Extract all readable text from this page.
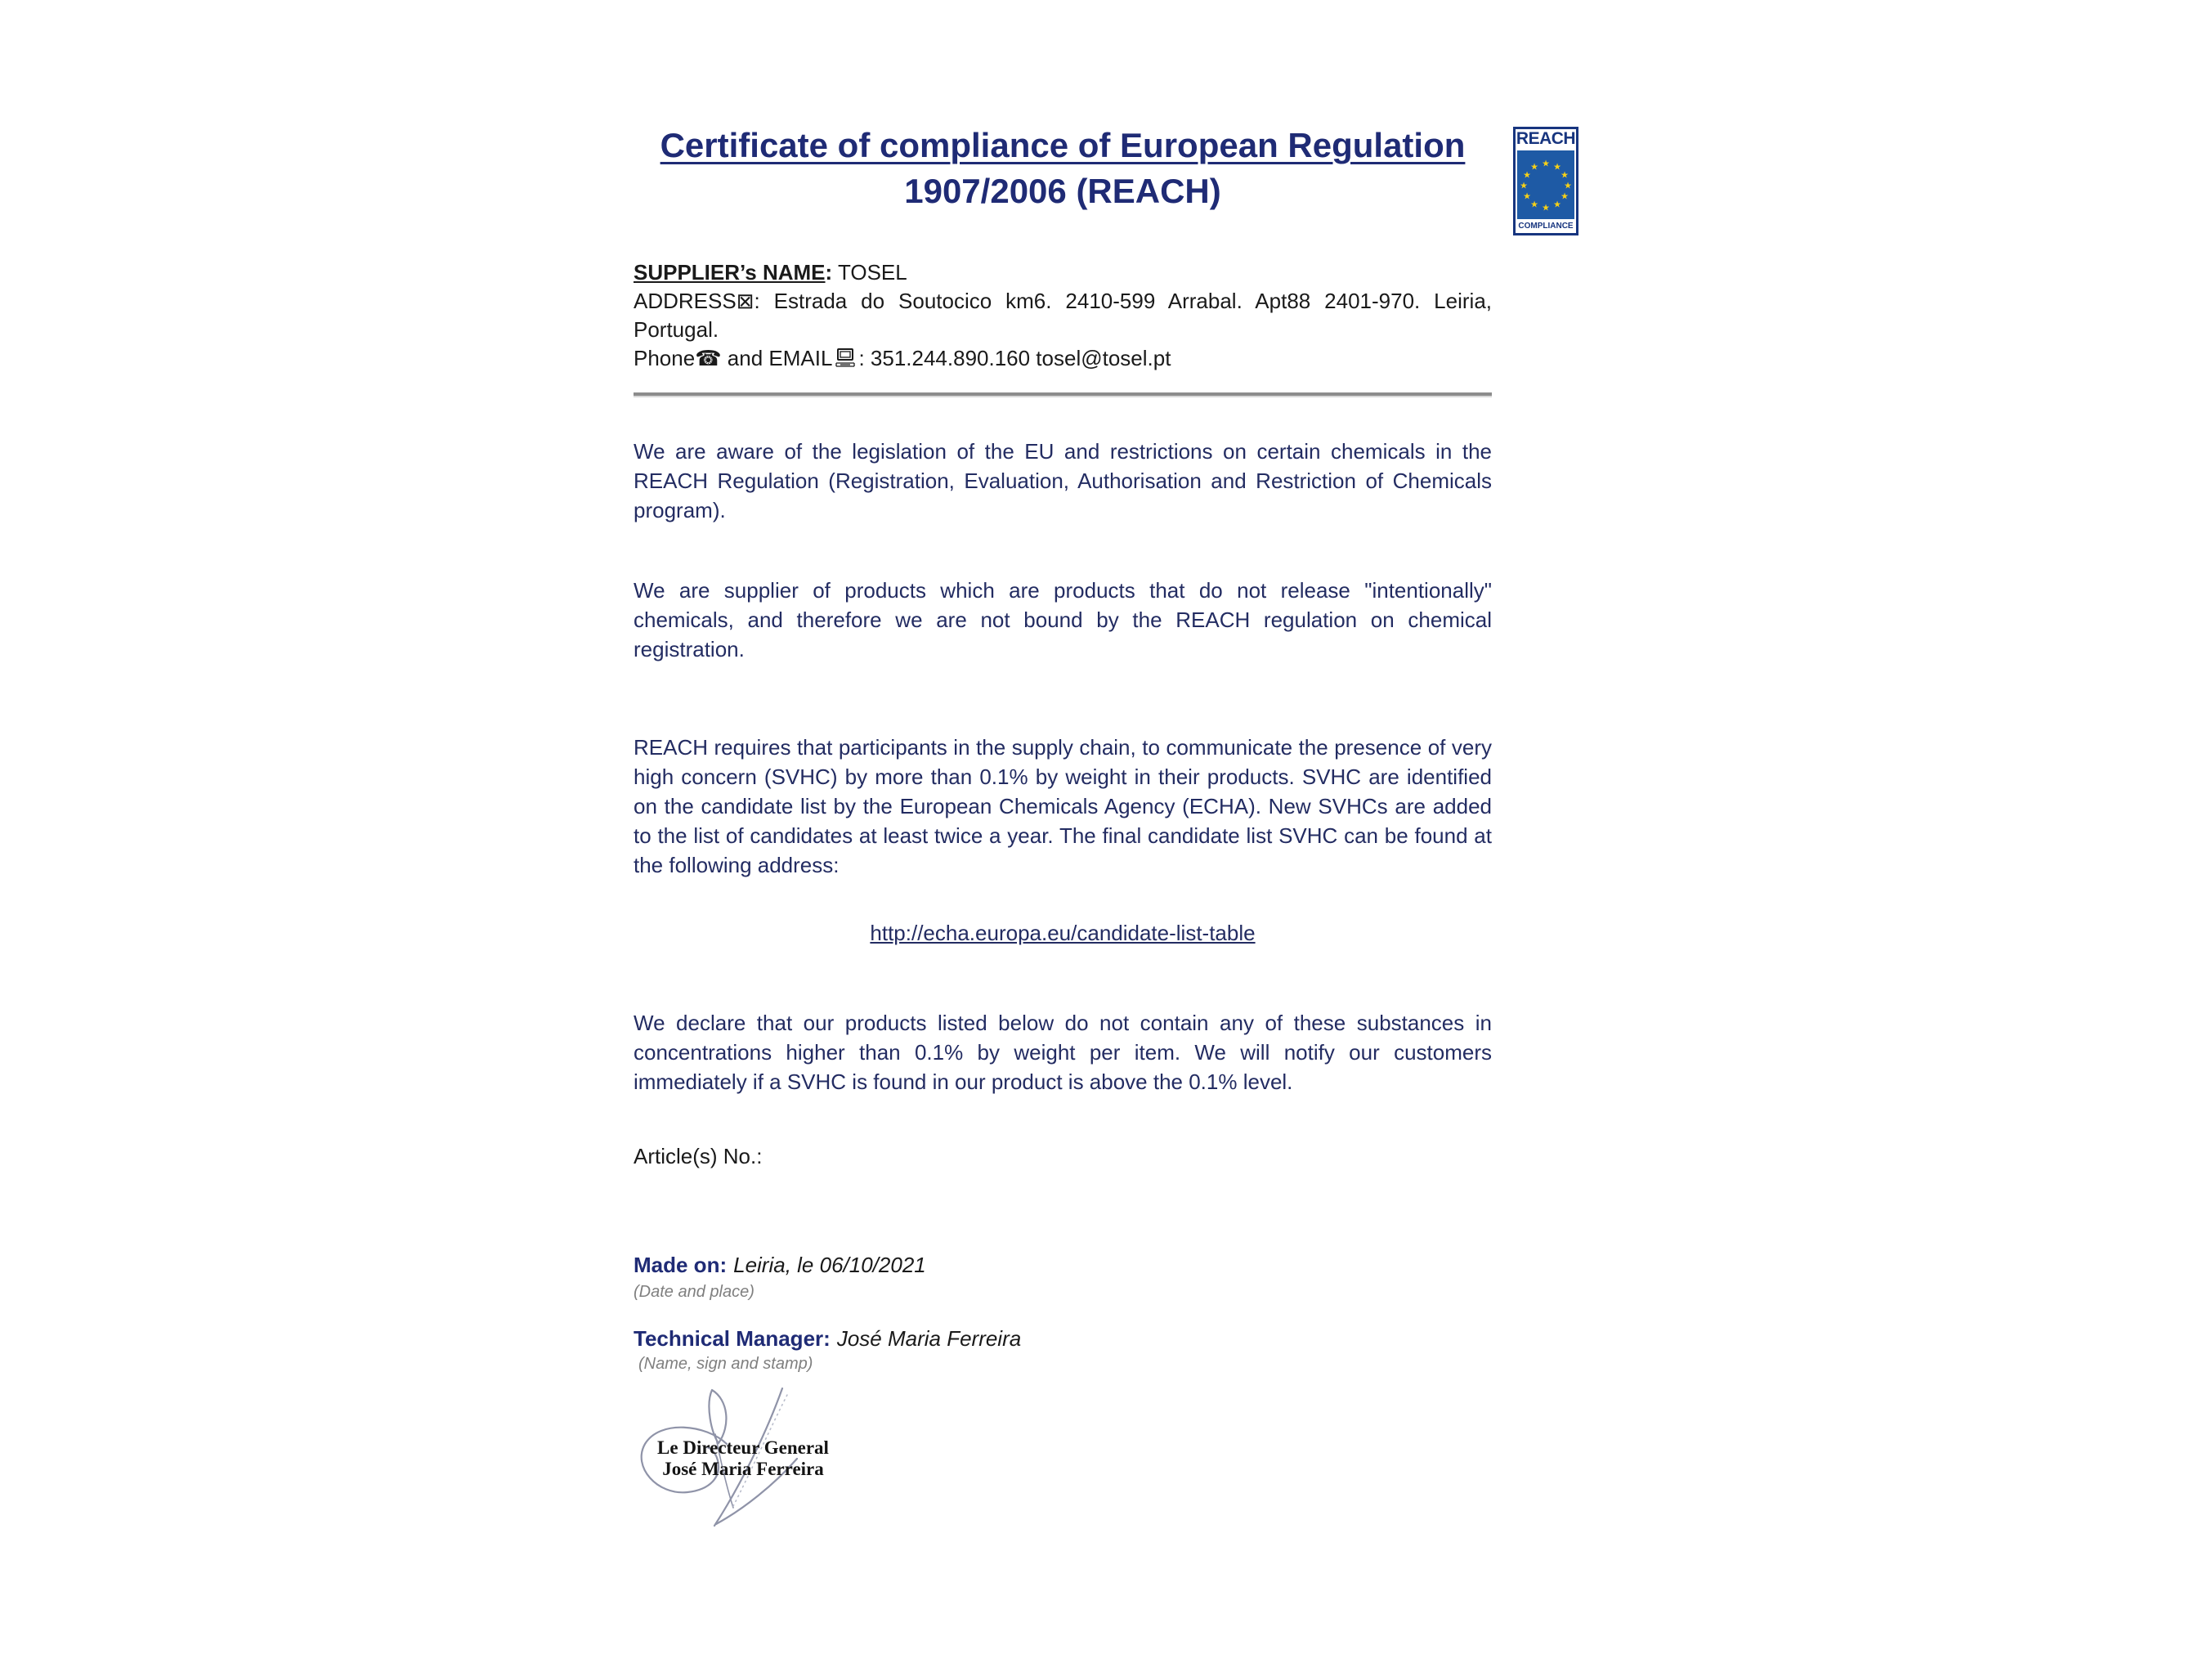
REACH
★ ★
★
★
★
★
★
★
★
★
★
★
COMPLIANCE
Certificate of compliance of European Regulation
1907/2006 (REACH)
SUPPLIER’s NAME: TOSEL
ADDRESS⊠: Estrada do Soutocico km6. 2410-599 Arrabal. Apt88 2401-970. Leiria, Portugal.
Phone☎ and EMAIL : 351.244.890.160 tosel@tosel.pt

We are aware of the legislation of the EU and restrictions on certain chemicals in the REACH Regulation (Registration, Evaluation, Authorisation and Restriction of Chemicals program).

We are supplier of products which are products that do not release "intentionally" chemicals, and therefore we are not bound by the REACH regulation on chemical registration.

REACH requires that participants in the supply chain, to communicate the presence of very high concern (SVHC) by more than 0.1% by weight in their products. SVHC are identified on the candidate list by the European Chemicals Agency (ECHA). New SVHCs are added to the list of candidates at least twice a year. The final candidate list SVHC can be found at the following address:

http://echa.europa.eu/candidate-list-table

We declare that our products listed below do not contain any of these substances in concentrations higher than 0.1% by weight per item. We will notify our customers immediately if a SVHC is found in our product is above the 0.1% level.

Article(s) No.:
Made on: Leiria, le 06/10/2021
(Date and place)
Technical Manager: José Maria Ferreira
(Name, sign and stamp)
Le Directeur General
José Maria Ferreira
